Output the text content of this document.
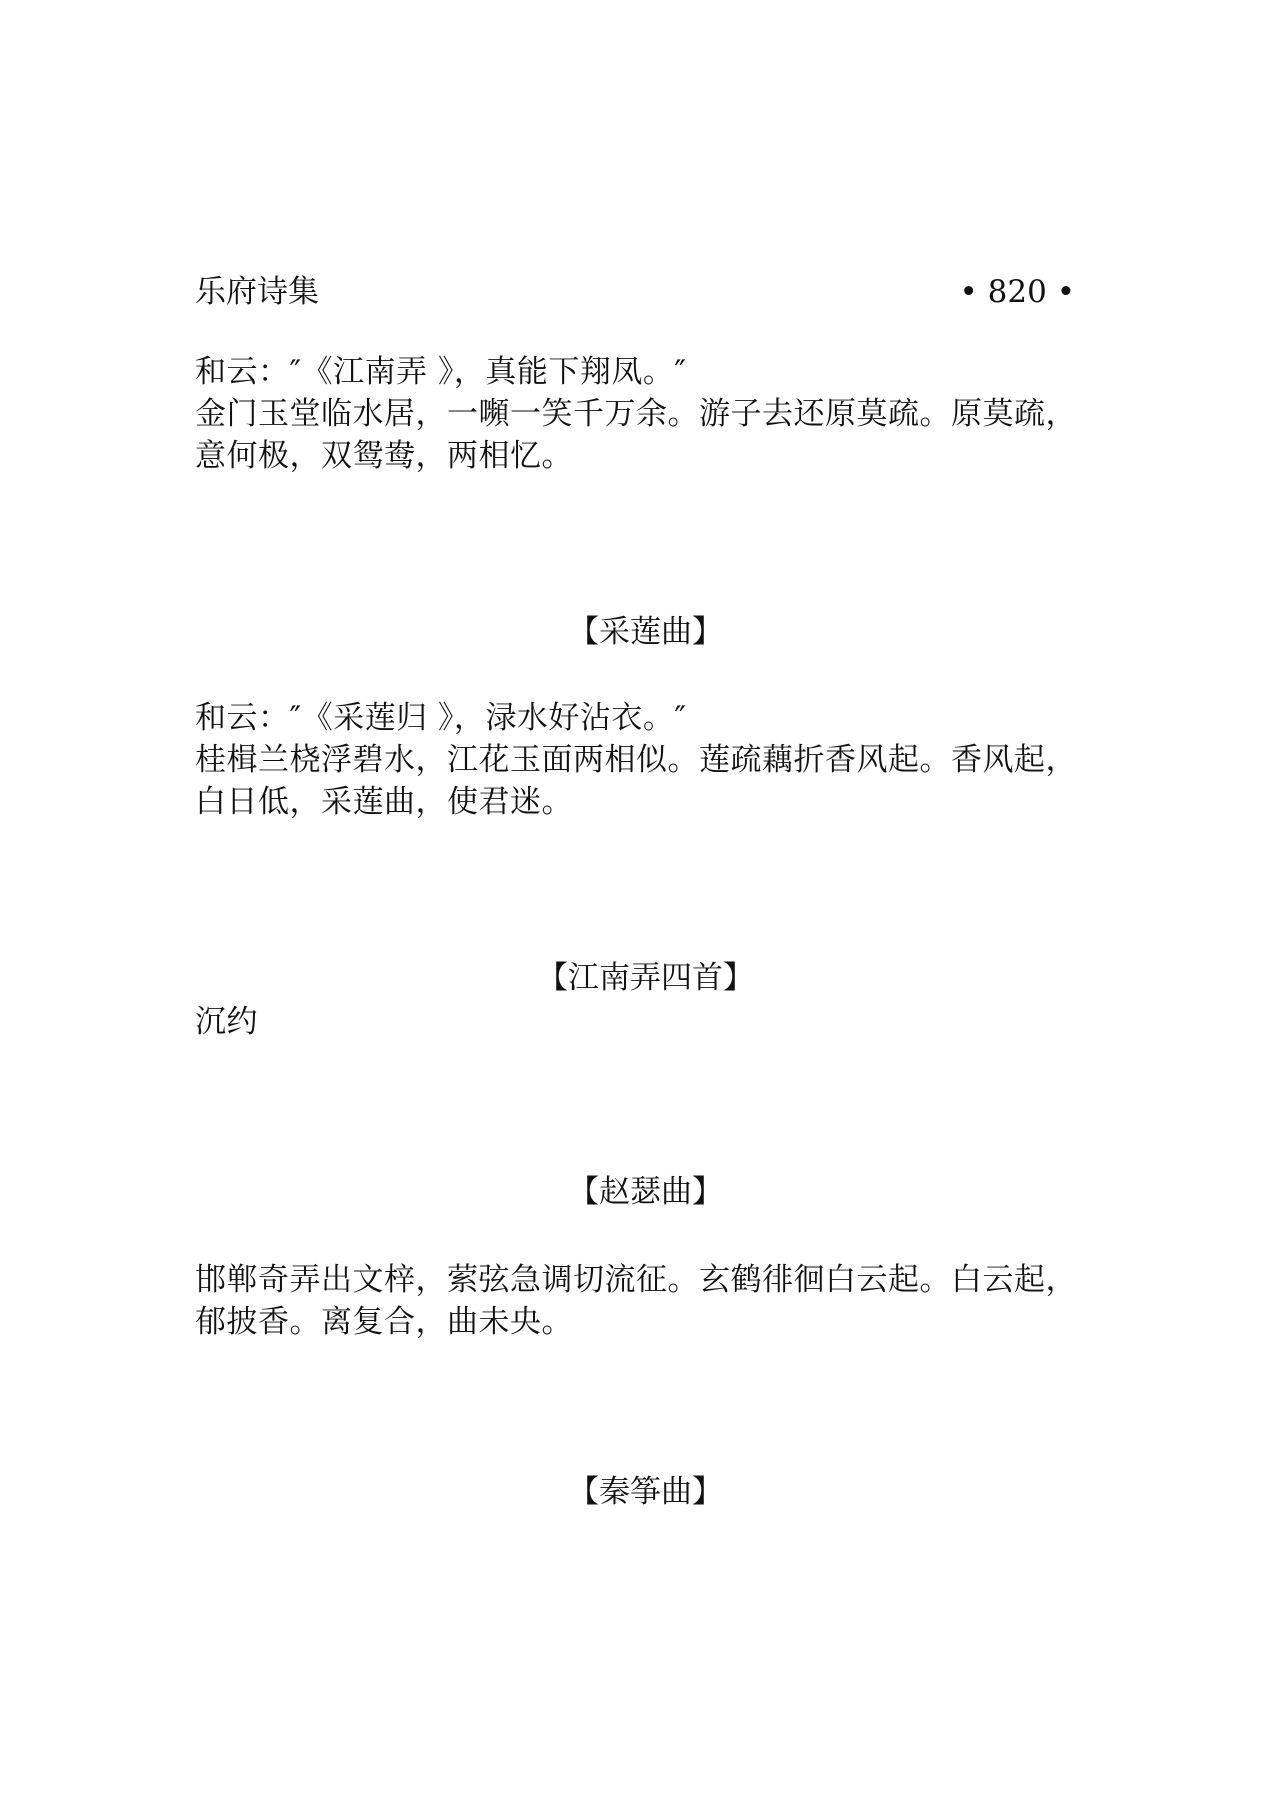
乐府诗集	• 820 •
和云：″《江南弄 》，真能下翔凤。″
金门玉堂临水居，一嚬一笑千万余。游子去还原莫疏。原莫疏，
意何极，双鸳鸯，两相忆。
【采莲曲】
和云：″《采莲归 》，渌水好沾衣。″
桂楫兰桡浮碧水，江花玉面两相似。莲疏藕折香风起。香风起，
白日低，采莲曲，使君迷。
【江南弄四首】
沉约
【赵瑟曲】
邯郸奇弄出文梓，萦弦急调切流征。玄鹤徘徊白云起。白云起，
郁披香。离复合，曲未央。
【秦筝曲】
